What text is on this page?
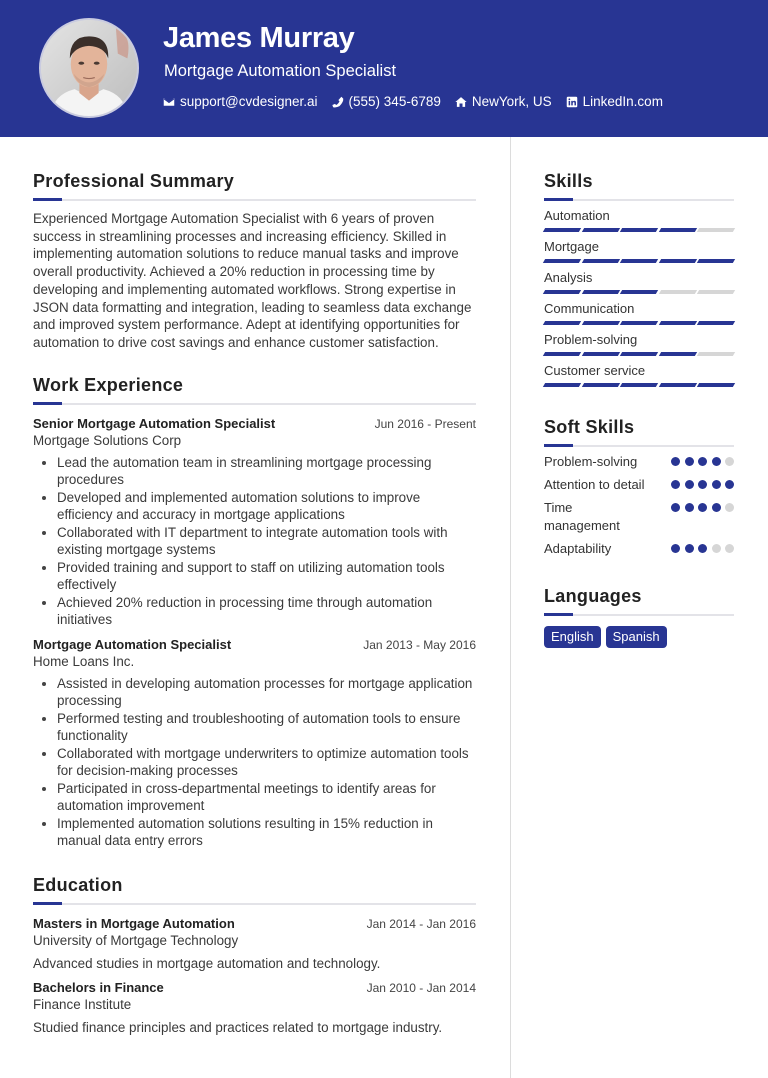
James Murray
Mortgage Automation Specialist
support@cvdesigner.ai (555) 345-6789 NewYork, US LinkedIn.com
Professional Summary

Experienced Mortgage Automation Specialist with 6 years of proven success in streamlining processes and increasing efficiency. Skilled in implementing automation solutions to reduce manual tasks and improve overall productivity. Achieved a 20% reduction in processing time by developing and implementing automated workflows. Strong expertise in JSON data formatting and integration, leading to seamless data exchange and improved system performance. Adept at identifying opportunities for automation to drive cost savings and enhance customer satisfaction.

Work Experience
Senior Mortgage Automation Specialist	Jun 2016 - Present
Mortgage Solutions Corp
Lead the automation team in streamlining mortgage processing procedures
Developed and implemented automation solutions to improve efficiency and accuracy in mortgage applications
Collaborated with IT department to integrate automation tools with existing mortgage systems
Provided training and support to staff on utilizing automation tools effectively
Achieved 20% reduction in processing time through automation initiatives
Mortgage Automation Specialist	Jan 2013 - May 2016
Home Loans Inc.
Assisted in developing automation processes for mortgage application processing
Performed testing and troubleshooting of automation tools to ensure functionality
Collaborated with mortgage underwriters to optimize automation tools for decision-making processes
Participated in cross-departmental meetings to identify areas for automation improvement
Implemented automation solutions resulting in 15% reduction in manual data entry errors
Education
Masters in Mortgage Automation	Jan 2014 - Jan 2016
University of Mortgage Technology
Advanced studies in mortgage automation and technology.
Bachelors in Finance	Jan 2010 - Jan 2014
Finance Institute
Studied finance principles and practices related to mortgage industry.
Skills
Automation
Mortgage
Analysis
Communication
Problem-solving
Customer service
Soft Skills
Problem-solving
Attention to detail
Time management
Adaptability
Languages
English	Spanish
